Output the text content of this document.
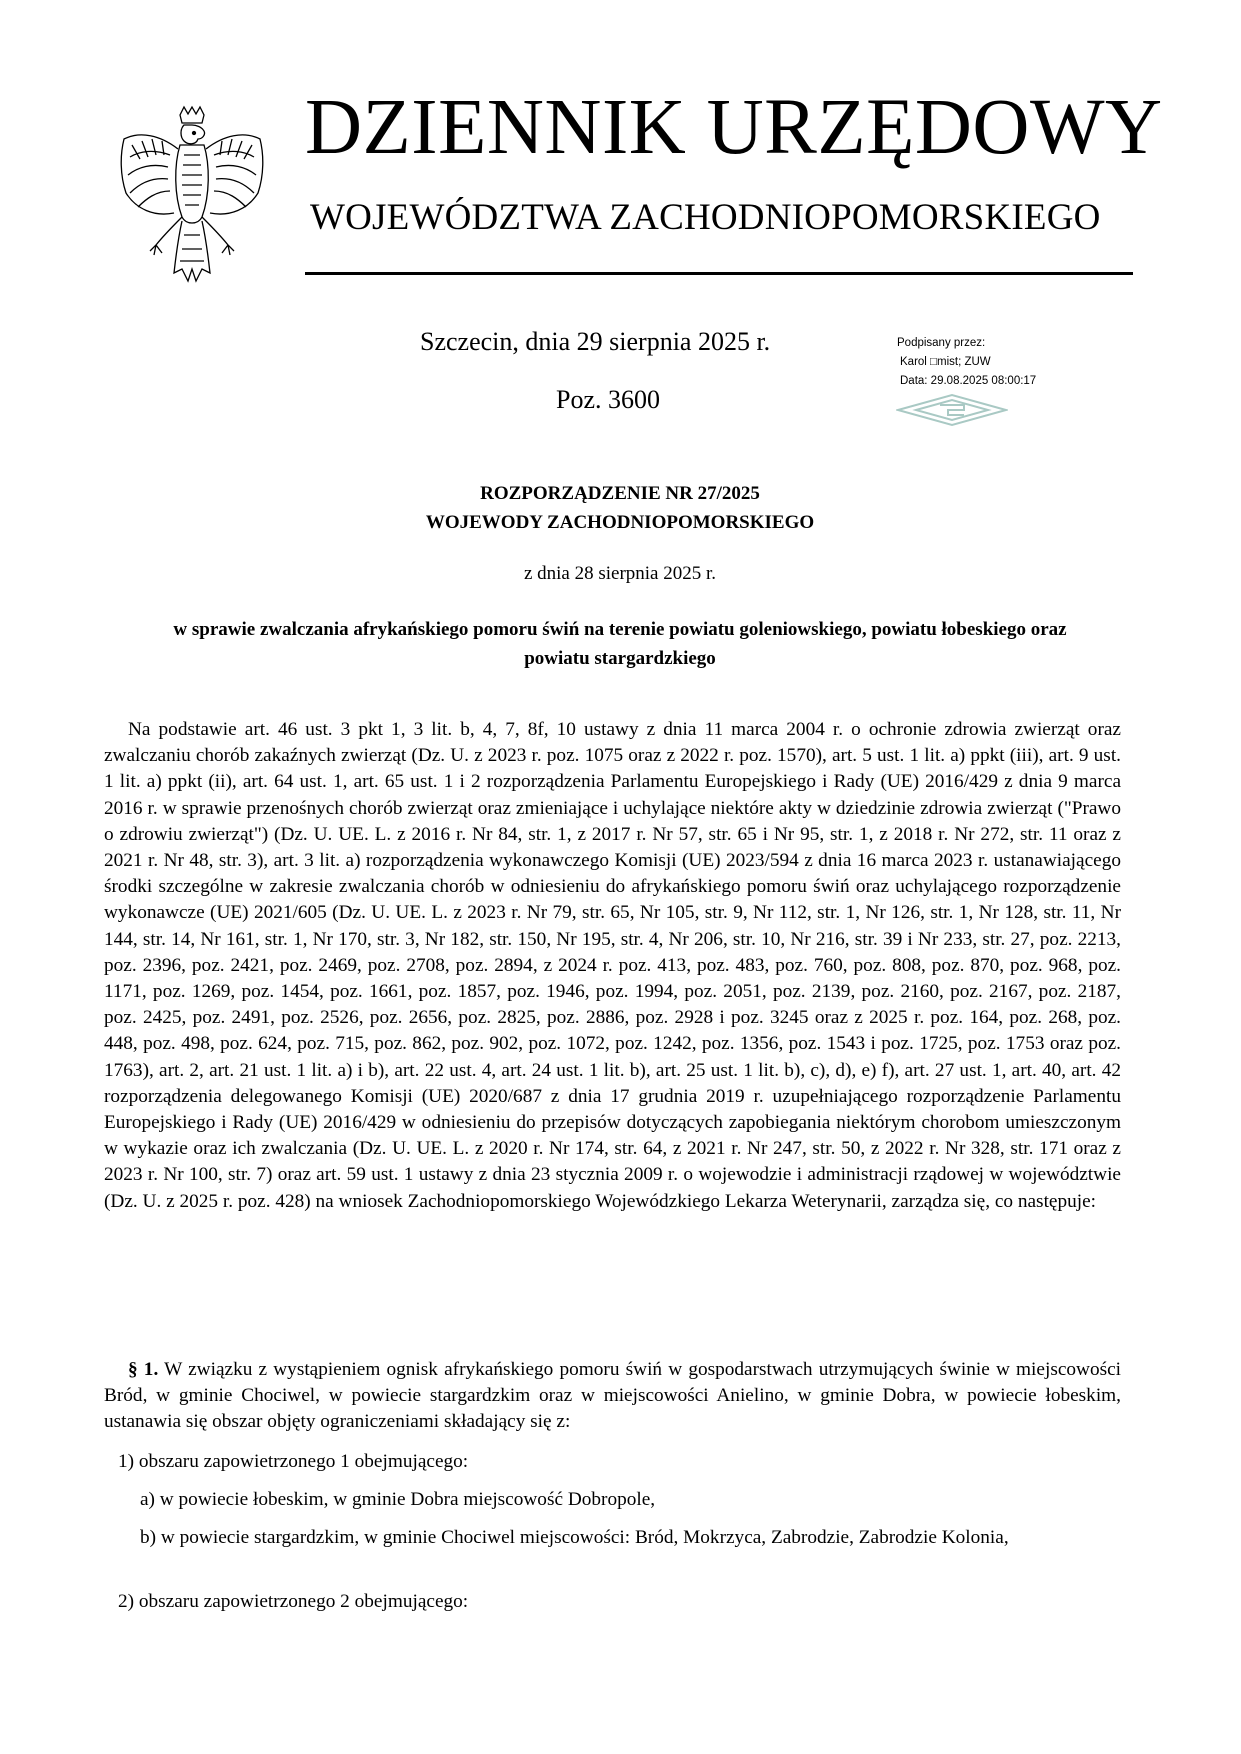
DZIENNIK URZĘDOWY
WOJEWÓDZTWA ZACHODNIOPOMORSKIEGO
Szczecin, dnia 29 sierpnia 2025 r.
Poz. 3600
Podpisany przez:
Karol □mist; ZUW
Data: 29.08.2025 08:00:17
ROZPORZĄDZENIE NR 27/2025
WOJEWODY ZACHODNIOPOMORSKIEGO
z dnia 28 sierpnia 2025 r.
w sprawie zwalczania afrykańskiego pomoru świń na terenie powiatu goleniowskiego, powiatu łobeskiego oraz powiatu stargardzkiego
Na podstawie art. 46 ust. 3 pkt 1, 3 lit. b, 4, 7, 8f, 10 ustawy z dnia 11 marca 2004 r. o ochronie zdrowia zwierząt oraz zwalczaniu chorób zakaźnych zwierząt (Dz. U. z 2023 r. poz. 1075 oraz z 2022 r. poz. 1570), art. 5 ust. 1 lit. a) ppkt (iii), art. 9 ust. 1 lit. a) ppkt (ii), art. 64 ust. 1, art. 65 ust. 1 i 2 rozporządzenia Parlamentu Europejskiego i Rady (UE) 2016/429 z dnia 9 marca 2016 r. w sprawie przenośnych chorób zwierząt oraz zmieniające i uchylające niektóre akty w dziedzinie zdrowia zwierząt ("Prawo o zdrowiu zwierząt") (Dz. U. UE. L. z 2016 r. Nr 84, str. 1, z 2017 r. Nr 57, str. 65 i Nr 95, str. 1, z 2018 r. Nr 272, str. 11 oraz z 2021 r. Nr 48, str. 3), art. 3 lit. a) rozporządzenia wykonawczego Komisji (UE) 2023/594 z dnia 16 marca 2023 r. ustanawiającego środki szczególne w zakresie zwalczania chorób w odniesieniu do afrykańskiego pomoru świń oraz uchylającego rozporządzenie wykonawcze (UE) 2021/605 (Dz. U. UE. L. z 2023 r. Nr 79, str. 65, Nr 105, str. 9, Nr 112, str. 1, Nr 126, str. 1, Nr 128, str. 11, Nr 144, str. 14, Nr 161, str. 1, Nr 170, str. 3, Nr 182, str. 150, Nr 195, str. 4, Nr 206, str. 10, Nr 216, str. 39 i Nr 233, str. 27, poz. 2213, poz. 2396, poz. 2421, poz. 2469, poz. 2708, poz. 2894, z 2024 r. poz. 413, poz. 483, poz. 760, poz. 808, poz. 870, poz. 968, poz. 1171, poz. 1269, poz. 1454, poz. 1661, poz. 1857, poz. 1946, poz. 1994, poz. 2051, poz. 2139, poz. 2160, poz. 2167, poz. 2187, poz. 2425, poz. 2491, poz. 2526, poz. 2656, poz. 2825, poz. 2886, poz. 2928 i poz. 3245 oraz z 2025 r. poz. 164, poz. 268, poz. 448, poz. 498, poz. 624, poz. 715, poz. 862, poz. 902, poz. 1072, poz. 1242, poz. 1356, poz. 1543 i poz. 1725, poz. 1753 oraz poz. 1763), art. 2, art. 21 ust. 1 lit. a) i b), art. 22 ust. 4, art. 24 ust. 1 lit. b), art. 25 ust. 1 lit. b), c), d), e) f), art. 27 ust. 1, art. 40, art. 42 rozporządzenia delegowanego Komisji (UE) 2020/687 z dnia 17 grudnia 2019 r. uzupełniającego rozporządzenie Parlamentu Europejskiego i Rady (UE) 2016/429 w odniesieniu do przepisów dotyczących zapobiegania niektórym chorobom umieszczonym w wykazie oraz ich zwalczania (Dz. U. UE. L. z 2020 r. Nr 174, str. 64, z 2021 r. Nr 247, str. 50, z 2022 r. Nr 328, str. 171 oraz z 2023 r. Nr 100, str. 7) oraz art. 59 ust. 1 ustawy z dnia 23 stycznia 2009 r. o wojewodzie i administracji rządowej w województwie (Dz. U. z 2025 r. poz. 428) na wniosek Zachodniopomorskiego Wojewódzkiego Lekarza Weterynarii, zarządza się, co następuje:
§ 1. W związku z wystąpieniem ognisk afrykańskiego pomoru świń w gospodarstwach utrzymujących świnie w miejscowości Bród, w gminie Chociwel, w powiecie stargardzkim oraz w miejscowości Anielino, w gminie Dobra, w powiecie łobeskim, ustanawia się obszar objęty ograniczeniami składający się z:
1) obszaru zapowietrzonego 1 obejmującego:
a) w powiecie łobeskim, w gminie Dobra miejscowość Dobropole,
b) w powiecie stargardzkim, w gminie Chociwel miejscowości: Bród, Mokrzyca, Zabrodzie, Zabrodzie Kolonia,
2) obszaru zapowietrzonego 2 obejmującego:
